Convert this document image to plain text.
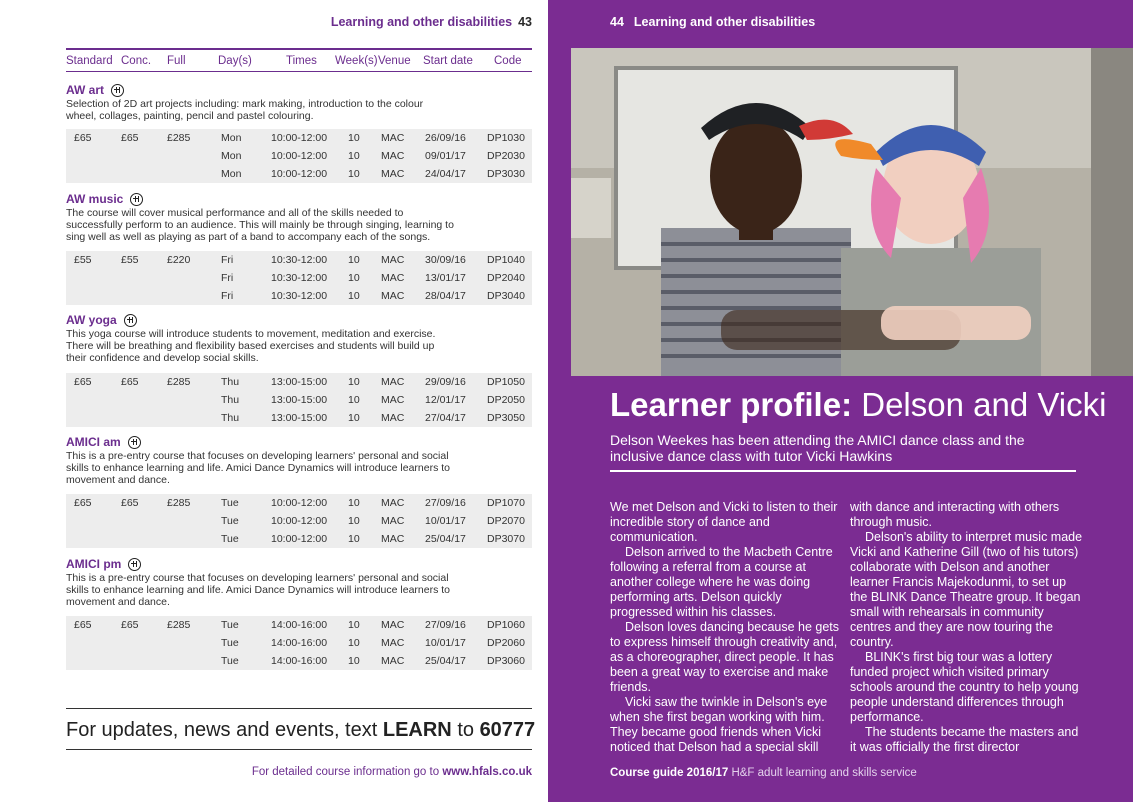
Learning and other disabilities 43
Standard Conc. Full	Day(s)	Times Week(s) Venue Start date Code
AW art
Selection of 2D art projects including: mark making, introduction to the colour wheel, collages, painting, pencil and pastel colouring.
£65	£65	£285	Mon	10:00-12:00 10 MAC 26/09/16 DP1030
Mon	10:00-12:00 10 MAC 09/01/17 DP2030
Mon	10:00-12:00 10 MAC 24/04/17 DP3030
AW music
The course will cover musical performance and all of the skills needed to successfully perform to an audience. This will mainly be through singing, learning to sing well as well as playing as part of a band to accompany each of the songs.
£55	£55	£220	Fri	10:30-12:00 10 MAC 30/09/16 DP1040
Fri	10:30-12:00 10 MAC 13/01/17 DP2040
Fri	10:30-12:00 10 MAC 28/04/17 DP3040
AW yoga
This yoga course will introduce students to movement, meditation and exercise. There will be breathing and flexibility based exercises and students will build up their confidence and develop social skills.
£65	£65	£285	Thu	13:00-15:00 10 MAC 29/09/16 DP1050
Thu	13:00-15:00 10 MAC 12/01/17 DP2050
Thu	13:00-15:00 10 MAC 27/04/17 DP3050
AMICI am
This is a pre-entry course that focuses on developing learners' personal and social skills to enhance learning and life. Amici Dance Dynamics will introduce learners to movement and dance.
£65	£65	£285	Tue	10:00-12:00 10 MAC 27/09/16 DP1070
Tue	10:00-12:00 10 MAC 10/01/17 DP2070
Tue	10:00-12:00 10 MAC 25/04/17 DP3070
AMICI pm
This is a pre-entry course that focuses on developing learners' personal and social skills to enhance learning and life. Amici Dance Dynamics will introduce learners to movement and dance.
£65	£65	£285	Tue	14:00-16:00 10 MAC 27/09/16 DP1060
Tue	14:00-16:00 10 MAC 10/01/17 DP2060
Tue	14:00-16:00 10 MAC 25/04/17 DP3060
For updates, news and events, text LEARN to 60777
For detailed course information go to www.hfals.co.uk
44 Learning and other disabilities
Learner profile: Delson and Vicki
Delson Weekes has been attending the AMICI dance class and the inclusive dance class with tutor Vicki Hawkins

We met Delson and Vicki to listen to their incredible story of dance and communication.

Delson arrived to the Macbeth Centre following a referral from a course at another college where he was doing performing arts. Delson quickly progressed within his classes.

Delson loves dancing because he gets to express himself through creativity and, as a choreographer, direct people. It has been a great way to exercise and make friends.

Vicki saw the twinkle in Delson's eye when she first began working with him. They became good friends when Vicki noticed that Delson had a special skill

with dance and interacting with others through music.

Delson's ability to interpret music made Vicki and Katherine Gill (two of his tutors) collaborate with Delson and another learner Francis Majekodunmi, to set up the BLINK Dance Theatre group. It began small with rehearsals in community centres and they are now touring the country.

BLINK's first big tour was a lottery funded project which visited primary schools around the country to help young people understand differences through performance.

The students became the masters and it was officially the first director

Course guide 2016/17 H&F adult learning and skills service
